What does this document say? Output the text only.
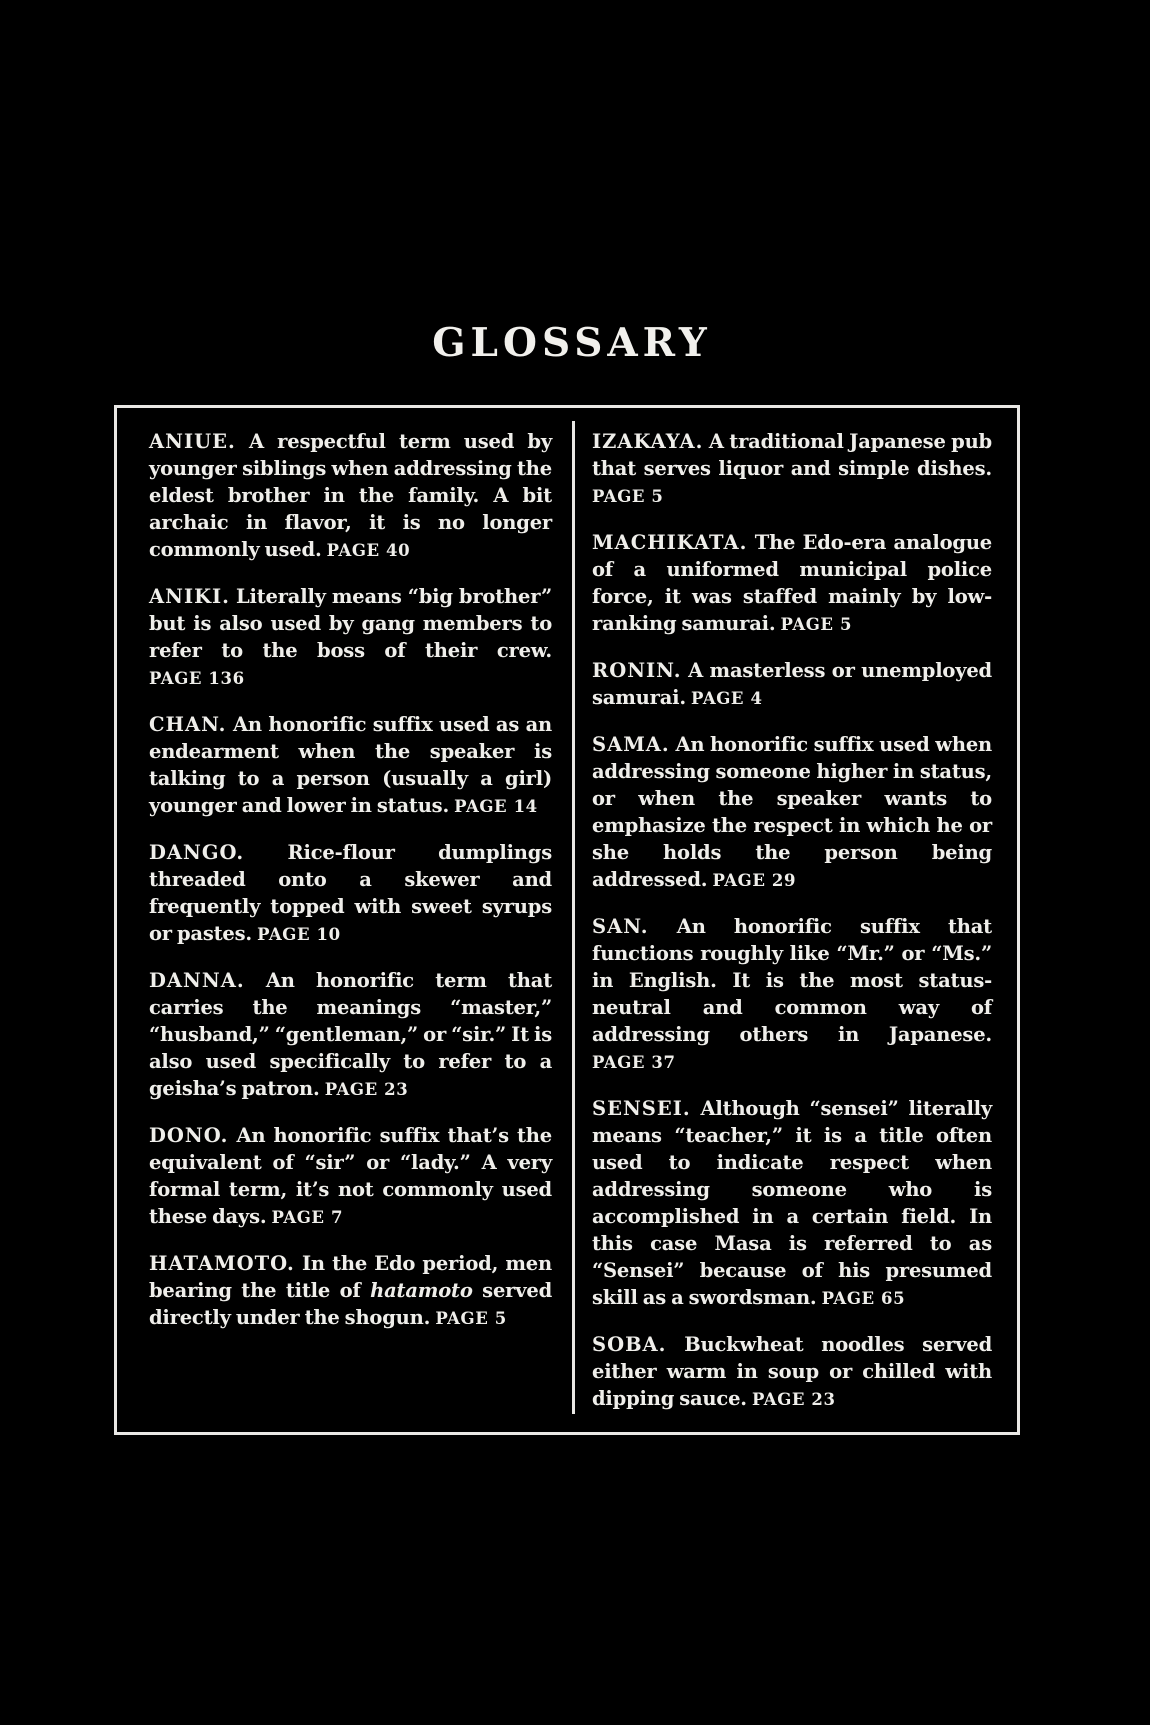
GLOSSARY

ANIUE. A respectful term used by younger siblings when addressing the eldest brother in the family. A bit archaic in flavor, it is no longer commonly used. PAGE 40

ANIKI. Literally means “big brother” but is also used by gang members to refer to the boss of their crew. PAGE 136

CHAN. An honorific suffix used as an endearment when the speaker is talking to a person (usually a girl) younger and lower in status. PAGE 14

DANGO. Rice-flour dumplings threaded onto a skewer and frequently topped with sweet syrups or pastes. PAGE 10

DANNA. An honorific term that carries the meanings “master,” “husband,” “gentleman,” or “sir.” It is also used specifically to refer to a geisha’s patron. PAGE 23

DONO. An honorific suffix that’s the equivalent of “sir” or “lady.” A very formal term, it’s not commonly used these days. PAGE 7

HATAMOTO. In the Edo period, men bearing the title of hatamoto served directly under the shogun. PAGE 5

IZAKAYA. A traditional Japanese pub that serves liquor and simple dishes. PAGE 5

MACHIKATA. The Edo-era analogue of a uniformed municipal police force, it was staffed mainly by low-ranking samurai. PAGE 5

RONIN. A masterless or unemployed samurai. PAGE 4

SAMA. An honorific suffix used when addressing someone higher in status, or when the speaker wants to emphasize the respect in which he or she holds the person being addressed. PAGE 29

SAN. An honorific suffix that functions roughly like “Mr.” or “Ms.” in English. It is the most status-neutral and common way of addressing others in Japanese. PAGE 37

SENSEI. Although “sensei” literally means “teacher,” it is a title often used to indicate respect when addressing someone who is accomplished in a certain field. In this case Masa is referred to as “Sensei” because of his presumed skill as a swordsman. PAGE 65

SOBA. Buckwheat noodles served either warm in soup or chilled with dipping sauce. PAGE 23
